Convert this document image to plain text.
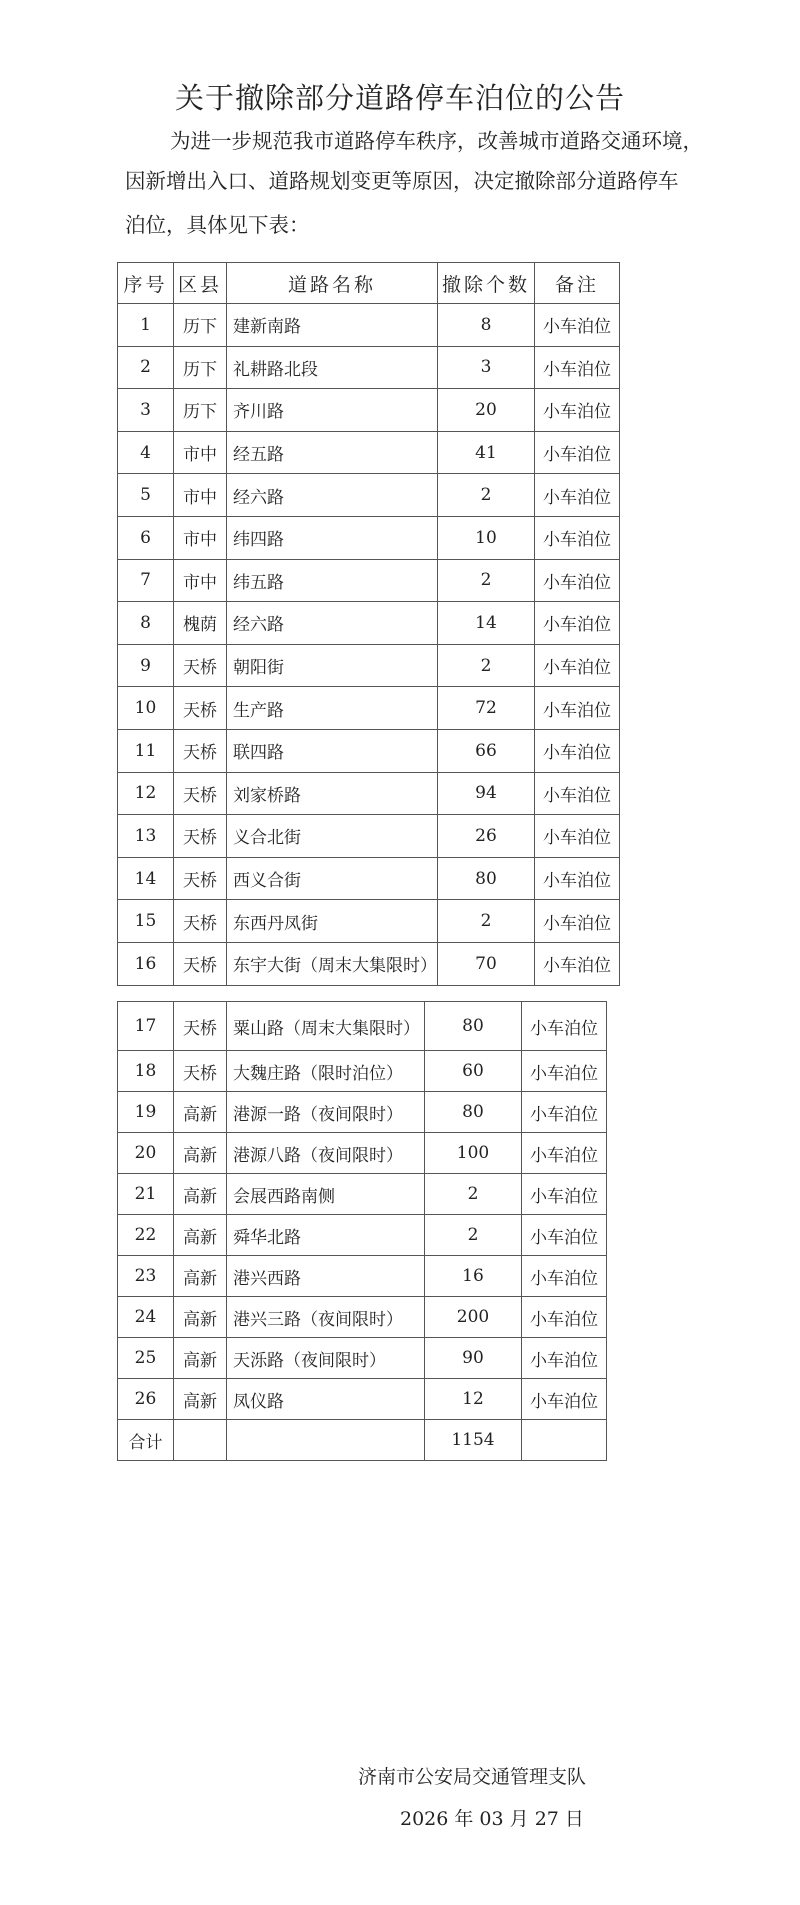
关于撤除部分道路停车泊位的公告
为进一步规范我市道路停车秩序，改善城市道路交通环境，
因新增出入口、道路规划变更等原因，决定撤除部分道路停车
泊位，具体见下表：
序号	区县	道路名称	撤除个数	备注
1	历下	建新南路	8	小车泊位
2	历下	礼耕路北段	3	小车泊位
3	历下	齐川路	20	小车泊位
4	市中	经五路	41	小车泊位
5	市中	经六路	2	小车泊位
6	市中	纬四路	10	小车泊位
7	市中	纬五路	2	小车泊位
8	槐荫	经六路	14	小车泊位
9	天桥	朝阳街	2	小车泊位
10	天桥	生产路	72	小车泊位
11	天桥	联四路	66	小车泊位
12	天桥	刘家桥路	94	小车泊位
13	天桥	义合北街	26	小车泊位
14	天桥	西义合街	80	小车泊位
15	天桥	东西丹凤街	2	小车泊位
16	天桥	东宇大街（周末大集限时）	70	小车泊位
17	天桥	粟山路（周末大集限时）	80	小车泊位
18	天桥	大魏庄路（限时泊位）	60	小车泊位
19	高新	港源一路（夜间限时）	80	小车泊位
20	高新	港源八路（夜间限时）	100	小车泊位
21	高新	会展西路南侧	2	小车泊位
22	高新	舜华北路	2	小车泊位
23	高新	港兴西路	16	小车泊位
24	高新	港兴三路（夜间限时）	200	小车泊位
25	高新	天泺路（夜间限时）	90	小车泊位
26	高新	凤仪路	12	小车泊位
合计			1154	
济南市公安局交通管理支队
2026 年 03 月 27 日
